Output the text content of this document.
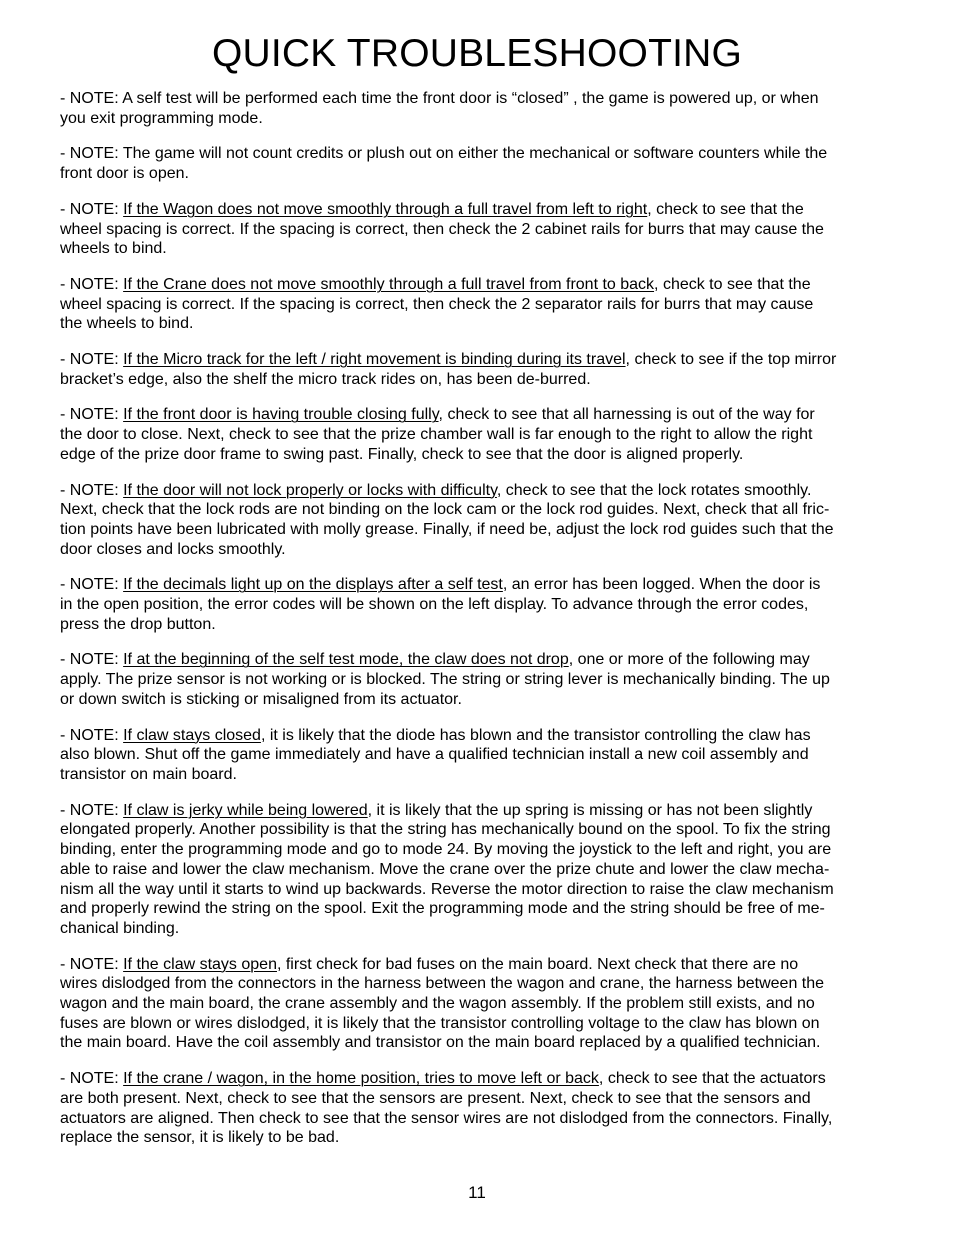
QUICK TROUBLESHOOTING
- NOTE: A self test will be performed each time the front door is “closed” , the game is powered up, or when
you exit programming mode.
- NOTE: The game will not count credits or plush out on either the mechanical or software counters while the
front door is open.
- NOTE: If the Wagon does not move smoothly through a full travel from left to right, check to see that the
wheel spacing is correct. If the spacing is correct, then check the 2 cabinet rails for burrs that may cause the
wheels to bind.
- NOTE: If the Crane does not move smoothly through a full travel from front to back, check to see that the
wheel spacing is correct. If the spacing is correct, then check the 2 separator rails for burrs that may cause
the wheels to bind.
- NOTE: If the Micro track for the left / right movement is binding during its travel, check to see if the top mirror
bracket’s edge, also the shelf the micro track rides on, has been de-burred.
- NOTE: If the front door is having trouble closing fully, check to see that all harnessing is out of the way for
the door to close. Next, check to see that the prize chamber wall is far enough to the right to allow the right
edge of the prize door frame to swing past. Finally, check to see that the door is aligned properly.
- NOTE: If the door will not lock properly or locks with difficulty, check to see that the lock rotates smoothly.
Next, check that the lock rods are not binding on the lock cam or the lock rod guides. Next, check that all fric-
tion points have been lubricated with molly grease. Finally, if need be, adjust the lock rod guides such that the
door closes and locks smoothly.
- NOTE: If the decimals light up on the displays after a self test, an error has been logged. When the door is
in the open position, the error codes will be shown on the left display. To advance through the error codes,
press the drop button.
- NOTE: If at the beginning of the self test mode, the claw does not drop, one or more of the following may
apply. The prize sensor is not working or is blocked. The string or string lever is mechanically binding. The up
or down switch is sticking or misaligned from its actuator.
- NOTE: If claw stays closed, it is likely that the diode has blown and the transistor controlling the claw has
also blown. Shut off the game immediately and have a qualified technician install a new coil assembly and
transistor on main board.
- NOTE: If claw is jerky while being lowered, it is likely that the up spring is missing or has not been slightly
elongated properly. Another possibility is that the string has mechanically bound on the spool. To fix the string
binding, enter the programming mode and go to mode 24. By moving the joystick to the left and right, you are
able to raise and lower the claw mechanism. Move the crane over the prize chute and lower the claw mecha-
nism all the way until it starts to wind up backwards. Reverse the motor direction to raise the claw mechanism
and properly rewind the string on the spool. Exit the programming mode and the string should be free of me-
chanical binding.
- NOTE: If the claw stays open, first check for bad fuses on the main board. Next check that there are no
wires dislodged from the connectors in the harness between the wagon and crane, the harness between the
wagon and the main board, the crane assembly and the wagon assembly. If the problem still exists, and no
fuses are blown or wires dislodged, it is likely that the transistor controlling voltage to the claw has blown on
the main board. Have the coil assembly and transistor on the main board replaced by a qualified technician.
- NOTE: If the crane / wagon, in the home position, tries to move left or back, check to see that the actuators
are both present. Next, check to see that the sensors are present. Next, check to see that the sensors and
actuators are aligned. Then check to see that the sensor wires are not dislodged from the connectors. Finally,
replace the sensor, it is likely to be bad.
11
